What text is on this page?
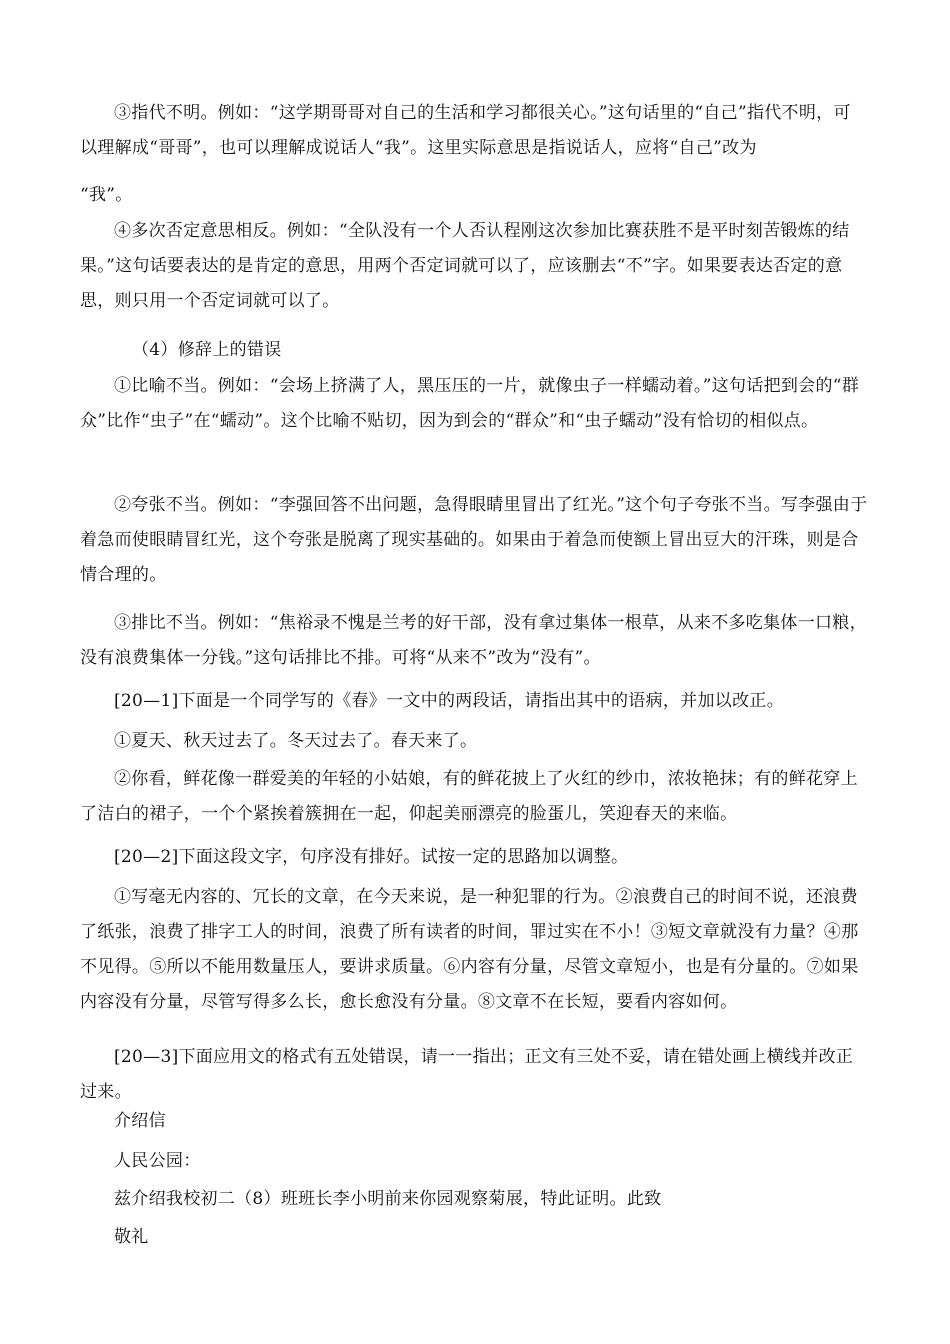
③指代不明。例如：“这学期哥哥对自己的生活和学习都很关心。”这句话里的“自己”指代不明，可以理解成“哥哥”，也可以理解成说话人“我”。这里实际意思是指说话人，应将“自己”改为

“我”。

④多次否定意思相反。例如：“全队没有一个人否认程刚这次参加比赛获胜不是平时刻苦锻炼的结果。”这句话要表达的是肯定的意思，用两个否定词就可以了，应该删去“不”字。如果要表达否定的意思，则只用一个否定词就可以了。

（4）修辞上的错误

①比喻不当。例如：“会场上挤满了人，黑压压的一片，就像虫子一样蠕动着。”这句话把到会的“群众”比作“虫子”在“蠕动”。这个比喻不贴切，因为到会的“群众”和“虫子蠕动”没有恰切的相似点。

②夸张不当。例如：“李强回答不出问题，急得眼睛里冒出了红光。”这个句子夸张不当。写李强由于着急而使眼睛冒红光，这个夸张是脱离了现实基础的。如果由于着急而使额上冒出豆大的汗珠，则是合情合理的。

③排比不当。例如：“焦裕录不愧是兰考的好干部，没有拿过集体一根草，从来不多吃集体一口粮，没有浪费集体一分钱。”这句话排比不排。可将“从来不”改为“没有”。

[20—1]下面是一个同学写的《春》一文中的两段话，请指出其中的语病，并加以改正。

①夏天、秋天过去了。冬天过去了。春天来了。

②你看，鲜花像一群爱美的年轻的小姑娘，有的鲜花披上了火红的纱巾，浓妆艳抹；有的鲜花穿上了洁白的裙子，一个个紧挨着簇拥在一起，仰起美丽漂亮的脸蛋儿，笑迎春天的来临。

[20—2]下面这段文字，句序没有排好。试按一定的思路加以调整。

①写毫无内容的、冗长的文章，在今天来说，是一种犯罪的行为。②浪费自己的时间不说，还浪费了纸张，浪费了排字工人的时间，浪费了所有读者的时间，罪过实在不小！③短文章就没有力量？④那不见得。⑤所以不能用数量压人，要讲求质量。⑥内容有分量，尽管文章短小，也是有分量的。⑦如果内容没有分量，尽管写得多么长，愈长愈没有分量。⑧文章不在长短，要看内容如何。

[20—3]下面应用文的格式有五处错误，请一一指出；正文有三处不妥，请在错处画上横线并改正过来。

介绍信

人民公园：

兹介绍我校初二（8）班班长李小明前来你园观察菊展，特此证明。此致

敬礼
